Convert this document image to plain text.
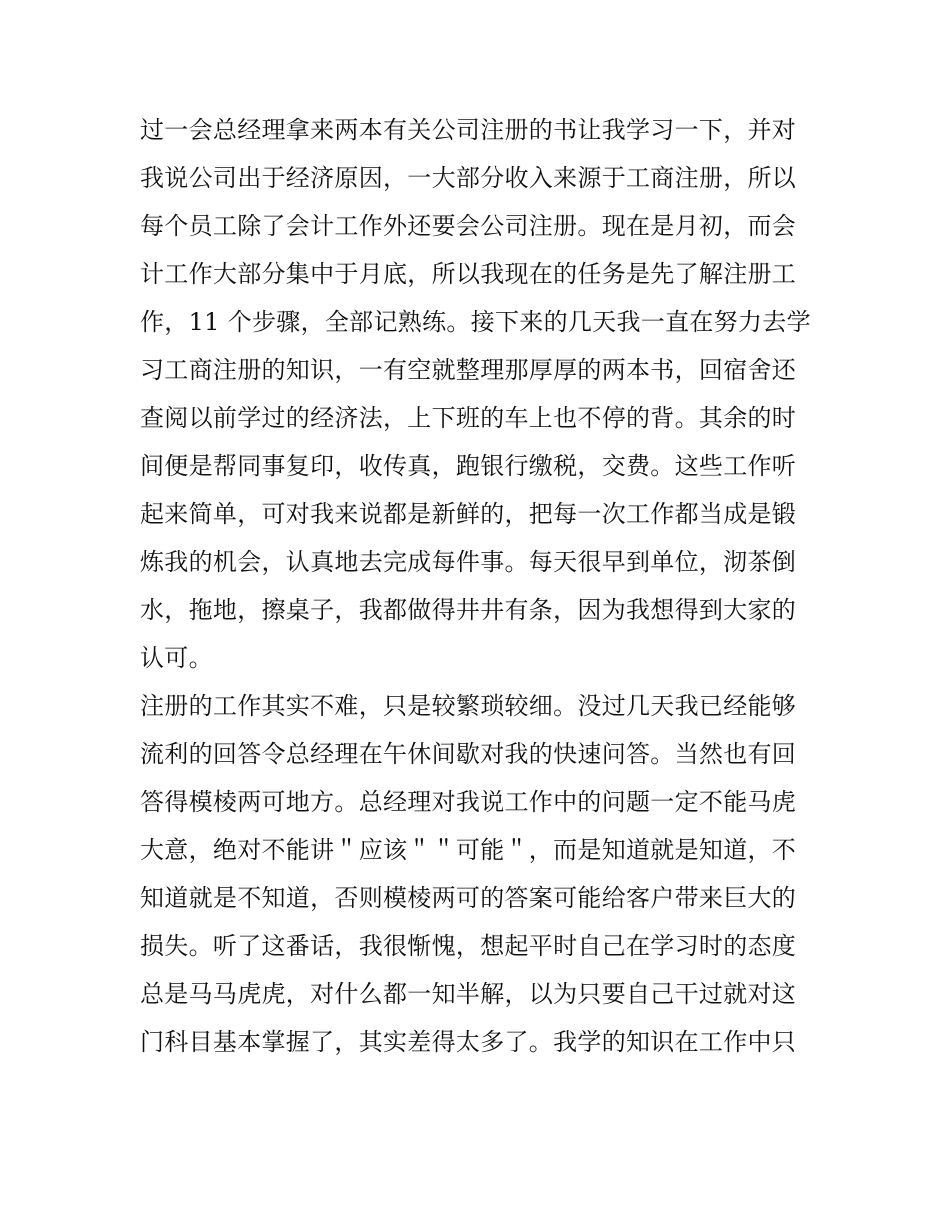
过一会总经理拿来两本有关公司注册的书让我学习一下，并对
我说公司出于经济原因，一大部分收入来源于工商注册，所以
每个员工除了会计工作外还要会公司注册。现在是月初，而会
计工作大部分集中于月底，所以我现在的任务是先了解注册工
作，11 个步骤，全部记熟练。接下来的几天我一直在努力去学
习工商注册的知识，一有空就整理那厚厚的两本书，回宿舍还
查阅以前学过的经济法，上下班的车上也不停的背。其余的时
间便是帮同事复印，收传真，跑银行缴税，交费。这些工作听
起来简单，可对我来说都是新鲜的，把每一次工作都当成是锻
炼我的机会，认真地去完成每件事。每天很早到单位，沏茶倒
水，拖地，擦桌子，我都做得井井有条，因为我想得到大家的
认可。
注册的工作其实不难，只是较繁琐较细。没过几天我已经能够
流利的回答令总经理在午休间歇对我的快速问答。当然也有回
答得模棱两可地方。总经理对我说工作中的问题一定不能马虎
大意，绝对不能讲＂应该＂＂可能＂，而是知道就是知道，不
知道就是不知道，否则模棱两可的答案可能给客户带来巨大的
损失。听了这番话，我很惭愧，想起平时自己在学习时的态度
总是马马虎虎，对什么都一知半解，以为只要自己干过就对这
门科目基本掌握了，其实差得太多了。我学的知识在工作中只
